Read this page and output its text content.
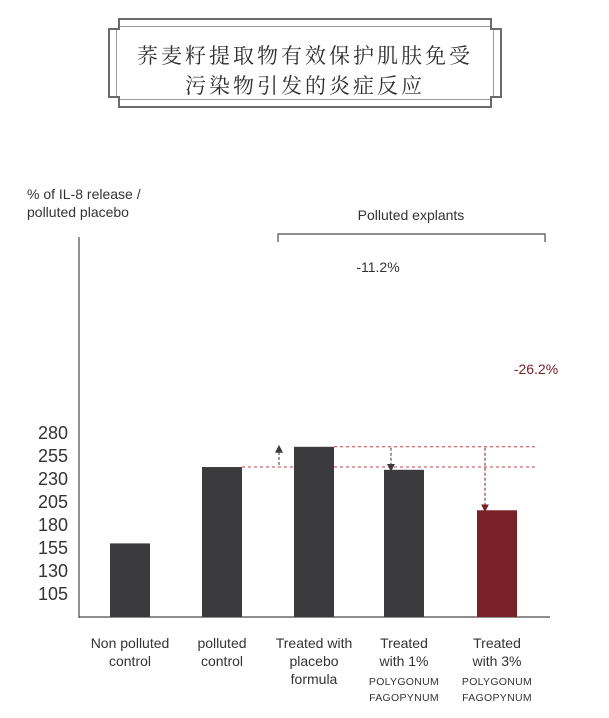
荞麦籽提取物有效保护肌肤免受
污染物引发的炎症反应
% of IL-8 release /
polluted placebo
105
130
155
180
205
230
255
280
Polluted explants
-11.2%
-26.2%
Non polluted
control
polluted
control
Treated with
placebo
formula
Treated
with 1%
POLYGONUM
FAGOPYNUM
Treated
with 3%
POLYGONUM
FAGOPYNUM
